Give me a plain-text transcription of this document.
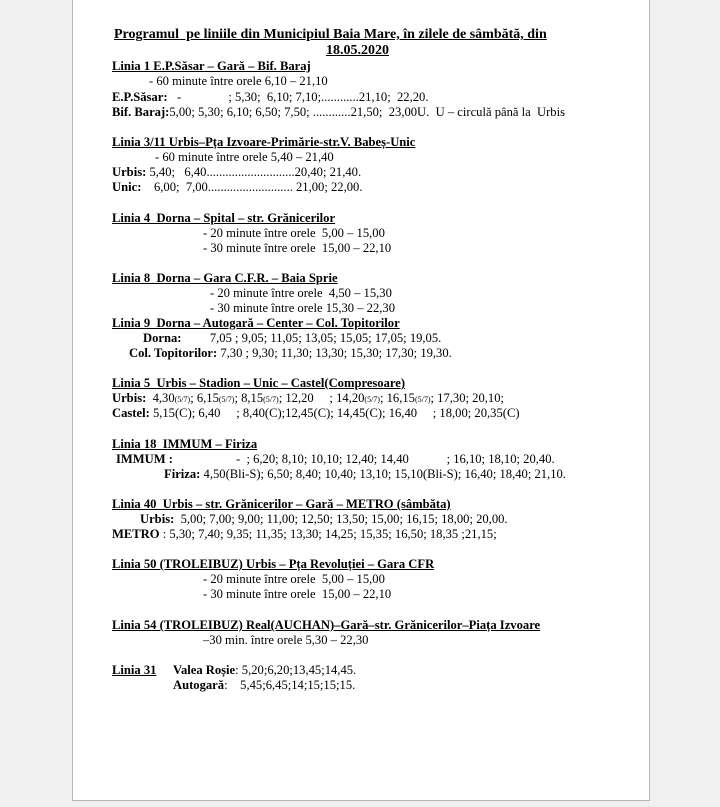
Programul  pe liniile din Municipiul Baia Mare, în zilele de sâmbătă, din
18.05.2020
Linia 1 E.P.Săsar – Gară – Bif. Baraj
- 60 minute între orele 6,10 – 21,10
E.P.Săsar: -               ; 5,30;  6,10; 7,10;............21,10;  22,20.
Bif. Baraj:5,00; 5,30; 6,10; 6,50; 7,50; ............21,50;  23,00U.  U – circulă până la  Urbis
Linia 3/11 Urbis–Pța Izvoare-Primărie-str.V. Babeș-Unic
- 60 minute între orele 5,40 – 21,40
Urbis: 5,40;   6,40............................20,40; 21,40.
Unic: 6,00;  7,00........................... 21,00; 22,00.
Linia 4  Dorna – Spital – str. Grănicerilor
- 20 minute între orele  5,00 – 15,00
- 30 minute între orele  15,00 – 22,10
Linia 8  Dorna – Gara C.F.R. – Baia Sprie
- 20 minute între orele  4,50 – 15,30
- 30 minute între orele 15,30 – 22,30
Linia 9  Dorna – Autogară – Center – Col. Topitorilor
Dorna: 7,05 ; 9,05; 11,05; 13,05; 15,05; 17,05; 19,05.
Col. Topitorilor: 7,30 ; 9,30; 11,30; 13,30; 15,30; 17,30; 19,30.
Linia 5  Urbis – Stadion – Unic – Castel(Compresoare)
Urbis: 4,30(5/7); 6,15(5/7); 8,15(5/7); 12,20     ; 14,20(5/7); 16,15(5/7); 17,30; 20,10;
Castel: 5,15(C); 6,40     ; 8,40(C);12,45(C); 14,45(C); 16,40     ; 18,00; 20,35(C)
Linia 18  IMMUM – Firiza
IMMUM :	-  ; 6,20; 8,10; 10,10; 12,40; 14,40            ; 16,10; 18,10; 20,40.
Firiza: 4,50(Bli-S); 6,50; 8,40; 10,40; 13,10; 15,10(Bli-S); 16,40; 18,40; 21,10.
Linia 40  Urbis – str. Grănicerilor – Gară – METRO (sâmbăta)
Urbis: 5,00; 7,00; 9,00; 11,00; 12,50; 13,50; 15,00; 16,15; 18,00; 20,00.
METRO : 5,30; 7,40; 9,35; 11,35; 13,30; 14,25; 15,35; 16,50; 18,35 ;21,15;
Linia 50 (TROLEIBUZ) Urbis – Pța Revoluției – Gara CFR
- 20 minute între orele  5,00 – 15,00
- 30 minute între orele  15,00 – 22,10
Linia 54 (TROLEIBUZ) Real(AUCHAN)–Gară–str. Grănicerilor–Piața Izvoare
–30 min. între orele 5,30 – 22,30
Linia 31 Valea Roșie: 5,20;6,20;13,45;14,45.
Autogară:    5,45;6,45;14;15;15;15.
